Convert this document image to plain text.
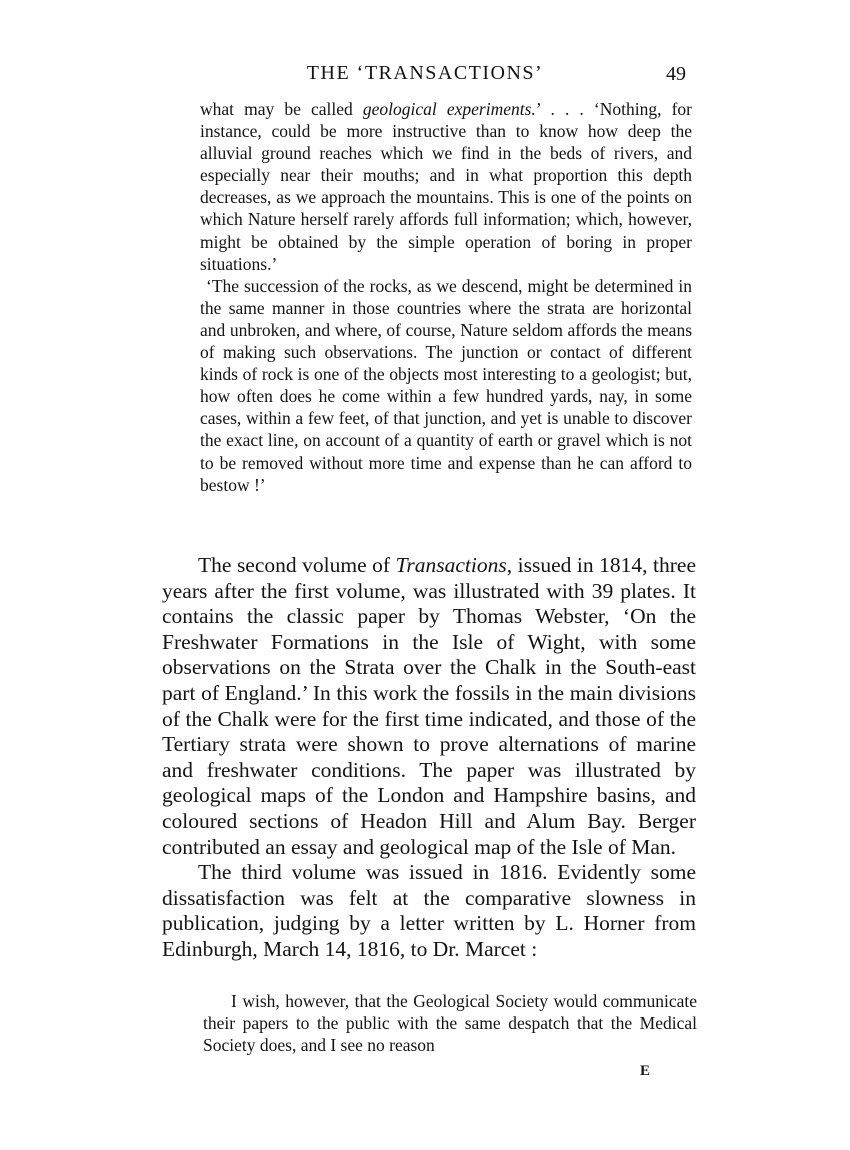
THE ‘TRANSACTIONS’	49

what may be called geological experiments.’ . . . ‘Nothing, for instance, could be more instructive than to know how deep the alluvial ground reaches which we find in the beds of rivers, and especially near their mouths; and in what proportion this depth decreases, as we approach the mountains. This is one of the points on which Nature herself rarely affords full information; which, however, might be obtained by the simple operation of boring in proper situations.’

‘The succession of the rocks, as we descend, might be determined in the same manner in those countries where the strata are horizontal and unbroken, and where, of course, Nature seldom affords the means of making such observations. The junction or contact of different kinds of rock is one of the objects most interesting to a geologist; but, how often does he come within a few hundred yards, nay, in some cases, within a few feet, of that junction, and yet is unable to discover the exact line, on account of a quantity of earth or gravel which is not to be removed without more time and expense than he can afford to bestow !’

The second volume of Transactions, issued in 1814, three years after the first volume, was illustrated with 39 plates. It contains the classic paper by Thomas Webster, ‘On the Freshwater Formations in the Isle of Wight, with some observations on the Strata over the Chalk in the South-east part of England.’ In this work the fossils in the main divisions of the Chalk were for the first time indicated, and those of the Tertiary strata were shown to prove alternations of marine and freshwater conditions. The paper was illustrated by geological maps of the London and Hampshire basins, and coloured sections of Headon Hill and Alum Bay. Berger contributed an essay and geological map of the Isle of Man.

The third volume was issued in 1816. Evidently some dissatisfaction was felt at the comparative slowness in publication, judging by a letter written by L. Horner from Edinburgh, March 14, 1816, to Dr. Marcet :

I wish, however, that the Geological Society would communicate their papers to the public with the same despatch that the Medical Society does, and I see no reason

E
